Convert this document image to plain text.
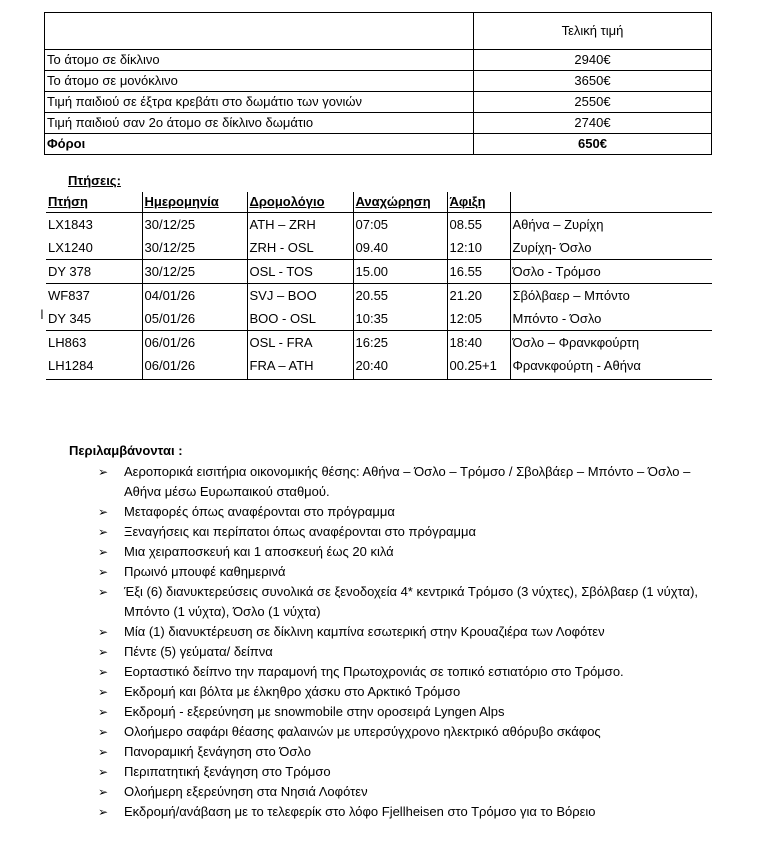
	Τελική τιμή
Το άτομο σε δίκλινο	2940€
Το άτομο σε μονόκλινο	3650€
Τιμή παιδιού σε έξτρα κρεβάτι στο δωμάτιο των γονιών	2550€
Τιμή παιδιού σαν 2ο άτομο σε δίκλινο δωμάτιο	2740€
Φόροι	650€
Πτήσεις:
Πτήση	Ημερομηνία	Δρομολόγιο	Αναχώρηση	Άφιξη	
LX1843	30/12/25	ATH – ZRH	07:05	08.55	Αθήνα – Ζυρίχη
LX1240	30/12/25	ZRH - OSL	09.40	12:10	Ζυρίχη- Όσλο
DY 378	30/12/25	OSL - TOS	15.00	16.55	Όσλο - Τρόμσο
WF837	04/01/26	SVJ – BOO	20.55	21.20	Σβόλβαερ – Μπόντο
DY 345	05/01/26	BOO - OSL	10:35	12:05	Μπόντο - Όσλο
LH863	06/01/26	OSL - FRA	16:25	18:40	Όσλο – Φρανκφούρτη
LH1284	06/01/26	FRA – ATH	20:40	00.25+1	Φρανκφούρτη - Αθήνα
I
Περιλαμβάνονται :
➢	Αεροπορικά εισιτήρια οικονομικής θέσης: Αθήνα – Όσλο – Τρόμσο / Σβολβάερ – Μπόντο – Όσλο – Αθήνα μέσω Ευρωπαικού σταθμού.
➢	Μεταφορές όπως αναφέρονται στο πρόγραμμα
➢	Ξεναγήσεις και περίπατοι όπως αναφέρονται στο πρόγραμμα
➢	Μια χειραποσκευή και 1 αποσκευή έως 20 κιλά
➢	Πρωινό μπουφέ καθημερινά
➢	Έξι (6) διανυκτερεύσεις συνολικά σε ξενοδοχεία 4* κεντρικά Τρόμσο (3 νύχτες), Σβόλβαερ (1 νύχτα), Μπόντο (1 νύχτα), Όσλο (1 νύχτα)
➢	Μία (1) διανυκτέρευση σε δίκλινη καμπίνα εσωτερική στην Κρουαζιέρα των Λοφότεν
➢	Πέντε (5) γεύματα/ δείπνα
➢	Εορταστικό δείπνο την παραμονή της Πρωτοχρονιάς σε τοπικό εστιατόριο στο Τρόμσο.
➢	Εκδρομή και βόλτα με έλκηθρο χάσκυ στο Αρκτικό Τρόμσο
➢	Εκδρομή - εξερεύνηση με snowmobile στην οροσειρά Lyngen Alps
➢	Ολοήμερο σαφάρι θέασης φαλαινών με υπερσύγχρονο ηλεκτρικό αθόρυβο σκάφος
➢	Πανοραμική ξενάγηση στο Όσλο
➢	Περιπατητική ξενάγηση στο Τρόμσο
➢	Ολοήμερη εξερεύνηση στα Νησιά Λοφότεν
➢	Εκδρομή/ανάβαση με το τελεφερίκ στο λόφο Fjellheisen στο Τρόμσο για το Βόρειο
